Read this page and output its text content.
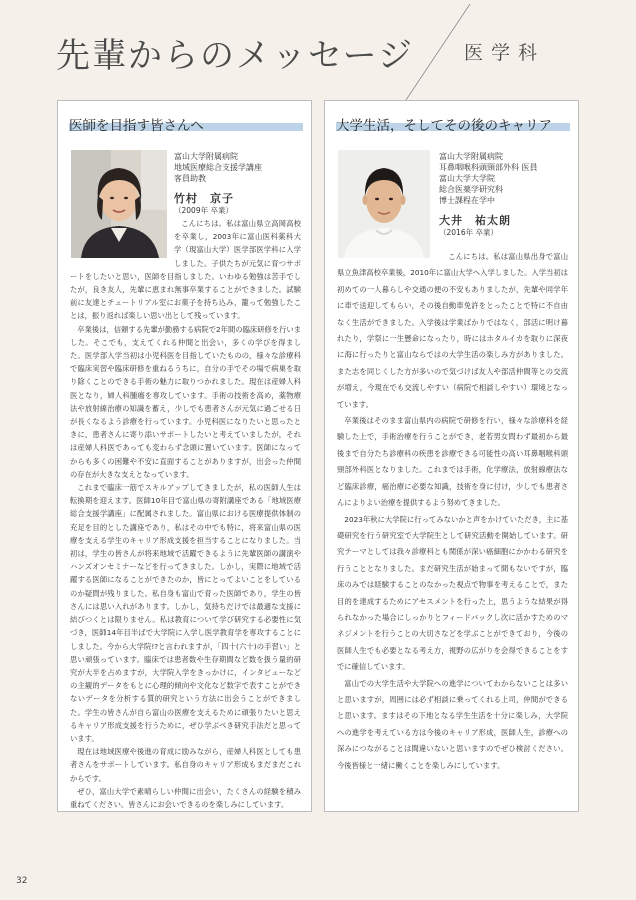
先輩からのメッセージ	医学科
医師を目指す皆さんへ
富山大学附属病院
地域医療総合支援学講座
客員助教
竹村　京子
（2009年 卒業）

こんにちは。私は富山県立高岡高校を卒業し，2003年に富山医科薬科大学（現富山大学）医学部医学科に入学しました。子供たちが元気に育つサポートをしたいと思い，医師を目指しました。いわゆる勉強は苦手でしたが，良き友人，先輩に恵まれ無事卒業することができました。試験前に友達とチュートリアル室にお菓子を持ち込み，籠って勉強したことは，振り返れば楽しい思い出として残っています。

卒業後は，信頼する先輩が勤務する病院で2年間の臨床研修を行いました。そこでも，支えてくれる仲間と出会い，多くの学びを得ました。医学部入学当初は小児科医を目指していたものの，様々な診療科で臨床実習や臨床研修を重ねるうちに，自分の手でその場で病巣を取り除くことのできる手術の魅力に取りつかれました。現在は産婦人科医となり，婦人科腫瘍を専攻しています。手術の技術を高め，薬物療法や放射線治療の知識を蓄え，少しでも患者さんが元気に過ごせる日が長くなるよう診療を行っています。小児科医になりたいと思ったときに，患者さんに寄り添いサポートしたいと考えていましたが，それは産婦人科医であっても変わらず念頭に置いています。医師になってからも多くの困難や不安に直面することがありますが，出会った仲間の存在が大きな支えとなっています。

これまで臨床一筋でスキルアップしてきましたが，私の医師人生は転換期を迎えます。医師10年目で富山県の寄附講座である「地域医療総合支援学講座」に配属されました。富山県における医療提供体制の充足を目的とした講座であり，私はその中でも特に，将来富山県の医療を支える学生のキャリア形成支援を担当することになりました。当初は，学生の皆さんが将来地域で活躍できるように先輩医師の講演やハンズオンセミナーなどを行ってきました。しかし，実際に地域で活躍する医師になることができたのか，皆にとってよいことをしているのか疑問が残りました。私自身も富山で育った医師であり，学生の皆さんには思い入れがあります。しかし，気持ちだけでは最適な支援に結びつくとは限りません。私は教育について学び研究する必要性に気づき，医師14年目半ばで大学院に入学し医学教育学を専攻することにしました。今から大学院!?と言われますが，「四十(六十)の手習い」と思い頑張っています。臨床では患者数や生存期間など数を扱う量的研究が大半を占めますが，大学院入学をきっかけに，インタビューなどの主観的データをもとに心理的傾向や文化など数字で表すことができないデータを分析する質的研究という方法に出会うことができました。学生の皆さんが自ら富山の医療を支えるために頑張りたいと思えるキャリア形成支援を行うために，ぜひ学ぶべき研究手法だと思っています。

現在は地域医療や後進の育成に励みながら，産婦人科医としても患者さんをサポートしています。私自身のキャリア形成もまだまだこれからです。

ぜひ，富山大学で素晴らしい仲間に出会い，たくさんの経験を積み重ねてください。皆さんにお会いできるのを楽しみにしています。

大学生活，そしてその後のキャリア
富山大学附属病院
耳鼻咽喉科頭頸部外科 医員
富山大学大学院
総合医薬学研究科
博士課程在学中
大井　祐太朗
（2016年 卒業）

こんにちは。私は富山県出身で富山県立魚津高校卒業後，2010年に富山大学へ入学しました。入学当初は初めての一人暮らしや交通の便の不安もありましたが，先輩や同学年に車で送迎してもらい，その後自動車免許をとったことで特に不自由なく生活ができました。入学後は学業ばかりではなく，部活に明け暮れたり，学祭に一生懸命になったり，時にはホタルイカを取りに深夜に海に行ったりと富山ならではの大学生活の楽しみ方がありました。また志を同じくした方が多いので気づけば友人や部活仲間等との交流が増え，今現在でも交流しやすい（病院で相談しやすい）環境となっています。

卒業後はそのまま富山県内の病院で研修を行い，様々な診療科を経験した上で，手術治療を行うことができ，老若男女問わず最初から最後まで自分たち診療科の疾患を診療できる可能性の高い耳鼻咽喉科頭頸部外科医となりました。これまでは手術，化学療法，放射線療法など臨床診療，癌治療に必要な知識，技術を身に付け，少しでも患者さんによりよい治療を提供するよう努めてきました。

2023年秋に大学院に行ってみないかと声をかけていただき，主に基礎研究を行う研究室で大学院生として研究活動を開始しています。研究テーマとしては我々診療科とも関係が深い癌細胞にかかわる研究を行うこととなりました。まだ研究生活が始まって間もないですが，臨床のみでは経験することのなかった視点で物事を考えることで，また目的を達成するためにアセスメントを行った上，思うような結果が得られなかった場合にしっかりとフィードバックし次に活かすためのマネジメントを行うことの大切さなどを学ぶことができており，今後の医師人生でも必要となる考え方，視野の広がりを会得できることをすでに確信しています。

富山での大学生活や大学院への進学についてわからないことは多いと思いますが，周囲には必ず相談に乗ってくれる上司，仲間ができると思います。ますはその下地となる学生生活を十分に楽しみ，大学院への進学を考えている方は今後のキャリア形成，医師人生，診療への深みにつながることは間違いないと思いますのでぜひ検討ください。今後皆様と一緒に働くことを楽しみにしています。

32
